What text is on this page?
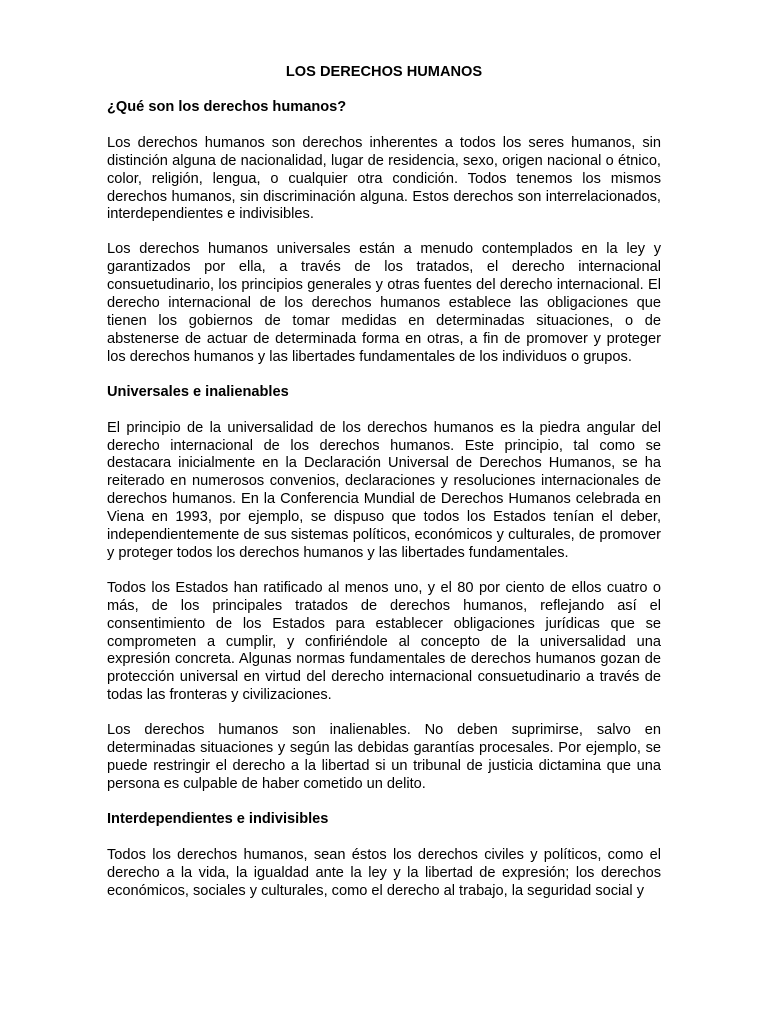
LOS DERECHOS HUMANOS
¿Qué son los derechos humanos?
Los derechos humanos son derechos inherentes a todos los seres humanos, sin distinción alguna de nacionalidad, lugar de residencia, sexo, origen nacional o étnico, color, religión, lengua, o cualquier otra condición. Todos tenemos los mismos derechos humanos, sin discriminación alguna. Estos derechos son interrelacionados, interdependientes e indivisibles.
Los derechos humanos universales están a menudo contemplados en la ley y garantizados por ella, a través de los tratados, el derecho internacional consuetudinario, los principios generales y otras fuentes del derecho internacional. El derecho internacional de los derechos humanos establece las obligaciones que tienen los gobiernos de tomar medidas en determinadas situaciones, o de abstenerse de actuar de determinada forma en otras, a fin de promover y proteger los derechos humanos y las libertades fundamentales de los individuos o grupos.
Universales e inalienables
El principio de la universalidad de los derechos humanos es la piedra angular del derecho internacional de los derechos humanos. Este principio, tal como se destacara inicialmente en la Declaración Universal de Derechos Humanos, se ha reiterado en numerosos convenios, declaraciones y resoluciones internacionales de derechos humanos. En la Conferencia Mundial de Derechos Humanos celebrada en Viena en 1993, por ejemplo, se dispuso que todos los Estados tenían el deber, independientemente de sus sistemas políticos, económicos y culturales, de promover y proteger todos los derechos humanos y las libertades fundamentales.
Todos los Estados han ratificado al menos uno, y el 80 por ciento de ellos cuatro o más, de los principales tratados de derechos humanos, reflejando así el consentimiento de los Estados para establecer obligaciones jurídicas que se comprometen a cumplir, y confiriéndole al concepto de la universalidad una expresión concreta. Algunas normas fundamentales de derechos humanos gozan de protección universal en virtud del derecho internacional consuetudinario a través de todas las fronteras y civilizaciones.
Los derechos humanos son inalienables. No deben suprimirse, salvo en determinadas situaciones y según las debidas garantías procesales. Por ejemplo, se puede restringir el derecho a la libertad si un tribunal de justicia dictamina que una persona es culpable de haber cometido un delito.
Interdependientes e indivisibles
Todos los derechos humanos, sean éstos los derechos civiles y políticos, como el derecho a la vida, la igualdad ante la ley y la libertad de expresión; los derechos económicos, sociales y culturales, como el derecho al trabajo, la seguridad social y
